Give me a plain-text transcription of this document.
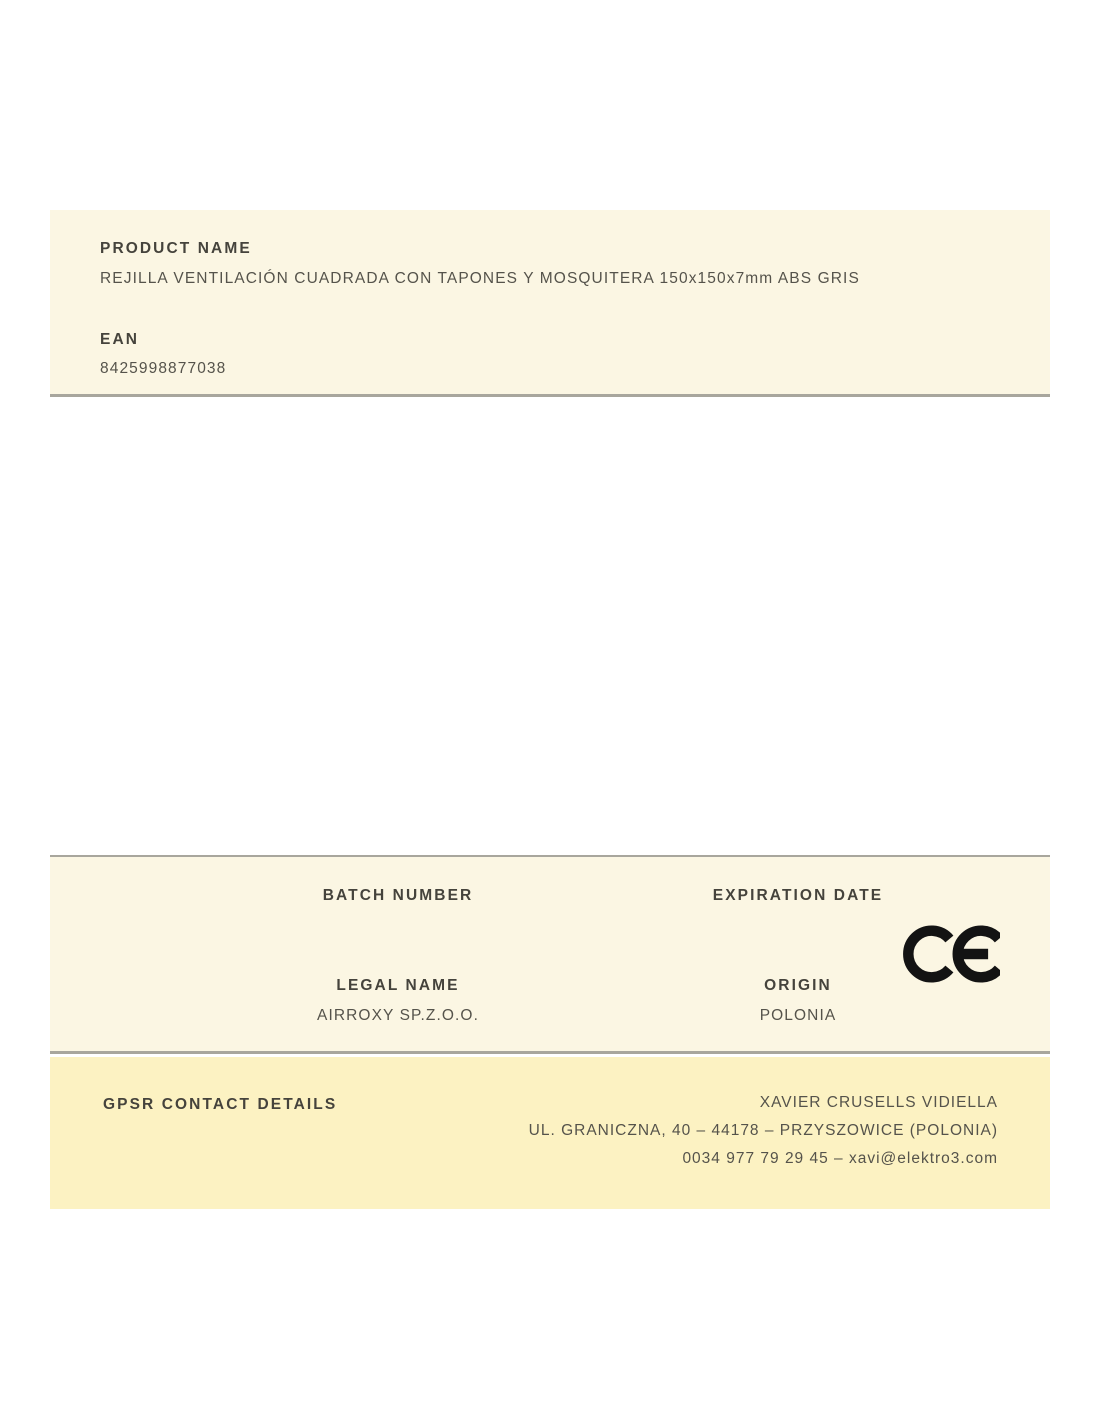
PRODUCT NAME
REJILLA VENTILACIÓN CUADRADA CON TAPONES Y MOSQUITERA 150x150x7mm ABS GRIS
EAN
8425998877038
BATCH NUMBER	EXPIRATION DATE
LEGAL NAME
AIRROXY SP.Z.O.O.
ORIGIN
POLONIA
GPSR CONTACT DETAILS	XAVIER CRUSELLS VIDIELLA
UL. GRANICZNA, 40 – 44178 – PRZYSZOWICE (POLONIA)
0034 977 79 29 45 – xavi@elektro3.com
